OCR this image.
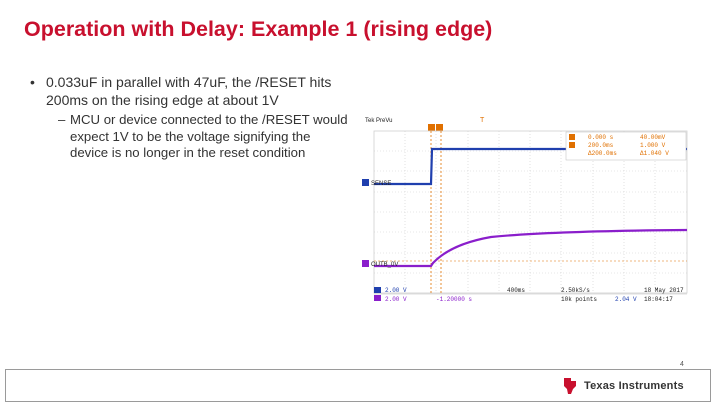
Operation with Delay: Example 1 (rising edge)
• 0.033uF in parallel with 47uF, the /RESET hits 200ms on the rising edge at about 1V
– MCU or device connected to the /RESET would expect 1V to be the voltage signifying the device is no longer in the reset condition
Tek PreVu	T
SENSE
OUTB_0V
0.000 s
200.0ms
Δ200.0ms
40.00mV
1.000 V
Δ1.040 V
2.00 V
2.00 V	-1.20000 s
400ms	2.50kS/s
10k points	2.04 V
18 May 2017
18:04:17
4
Texas Instruments
